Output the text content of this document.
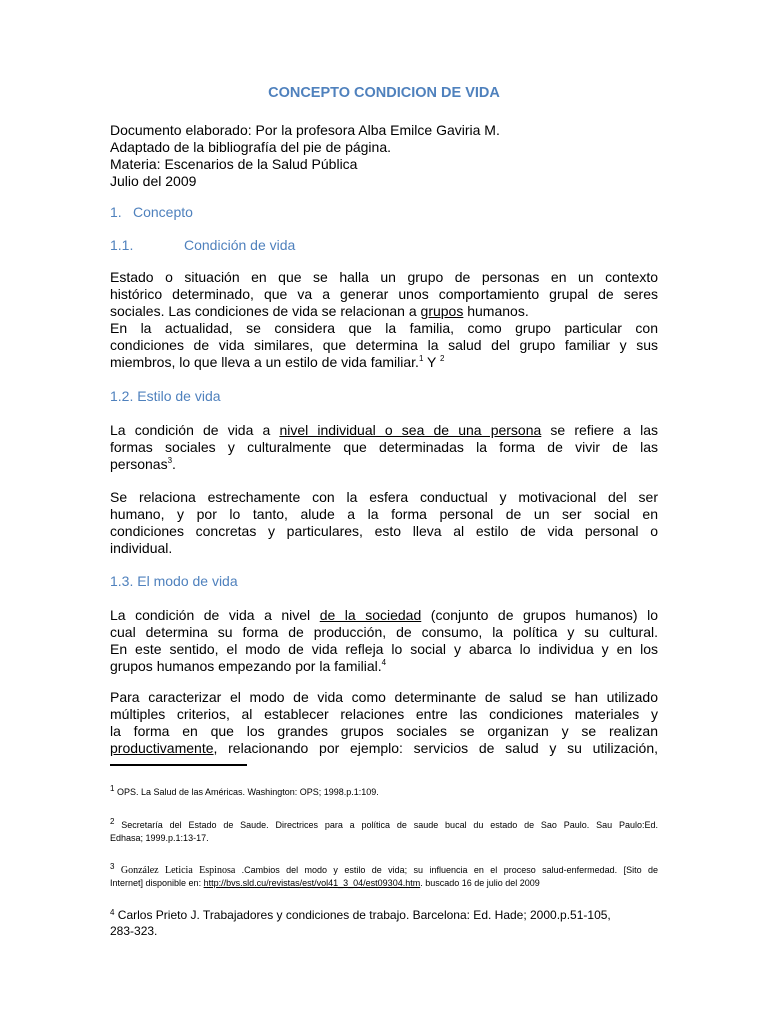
CONCEPTO CONDICION DE VIDA
Documento elaborado: Por la profesora Alba Emilce Gaviria M.
Adaptado de la bibliografía del pie de página.
Materia: Escenarios de la Salud Pública
Julio del 2009
1. Concepto
1.1.	Condición de vida
Estado o situación en que se halla un grupo de personas en un contexto
histórico determinado, que va a generar unos comportamiento grupal de seres
sociales. Las condiciones de vida se relacionan a grupos humanos.
En la actualidad, se considera que la familia, como grupo particular con
condiciones de vida similares, que determina la salud del grupo familiar y sus
miembros, lo que lleva a un estilo de vida familiar.$^1$ Y $^2$
1.2. Estilo de vida
La condición de vida a nivel individual o sea de una persona se refiere a las
formas sociales y culturalmente que determinadas la forma de vivir de las
personas$^3$.
Se relaciona estrechamente con la esfera conductual y motivacional del ser
humano, y por lo tanto, alude a la forma personal de un ser social en
condiciones concretas y particulares, esto lleva al estilo de vida personal o
individual.
1.3. El modo de vida
La condición de vida a nivel de la sociedad (conjunto de grupos humanos) lo
cual determina su forma de producción, de consumo, la política y su cultural.
En este sentido, el modo de vida refleja lo social y abarca lo individua y en los
grupos humanos empezando por la familial.$^4$
Para caracterizar el modo de vida como determinante de salud se han utilizado
múltiples criterios, al establecer relaciones entre las condiciones materiales y
la forma en que los grandes grupos sociales se organizan y se realizan
productivamente, relacionando por ejemplo: servicios de salud y su utilización,
$^1$ OPS. La Salud de las Américas. Washington: OPS; 1998.p.1:109.
$^2$ Secretaría del Estado de Saude. Directrices para a política de saude bucal du estado de Sao Paulo. Sau Paulo:Ed.
Edhasa; 1999.p.1:13-17.
$^3$ González Leticia Espinosa .Cambios del modo y estilo de vida; su influencia en el proceso salud-enfermedad. [Sito de
Internet] disponible en: http://bvs.sld.cu/revistas/est/vol41_3_04/est09304.htm. buscado 16 de julio del 2009
$^4$ Carlos Prieto J. Trabajadores y condiciones de trabajo. Barcelona: Ed. Hade; 2000.p.51-105,
283-323.
